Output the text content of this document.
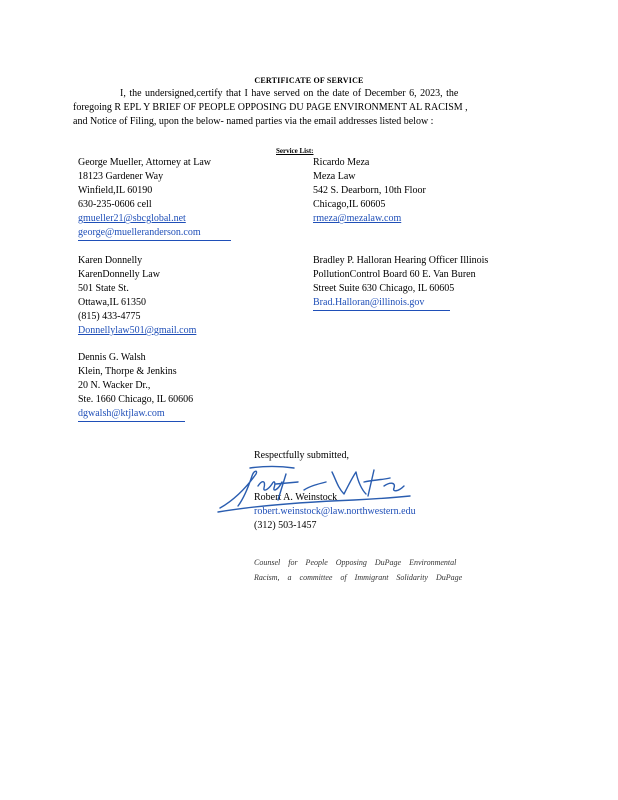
CERTIFICATE OF SERVICE
I, the undersigned,certify that I have served on the date of December 6, 2023, the
foregoing R EPL Y BRIEF OF PEOPLE OPPOSING DU PAGE ENVIRONMENT AL RACISM ,
and Notice of Filing, upon the below- named parties via the email addresses listed below :
Service List:
George Mueller, Attorney at Law
18123 Gardener Way
Winfield,IL 60190
630-235-0606 cell
gmueller21@sbcglobal.net
george@muelleranderson.com
Ricardo Meza
Meza Law
542 S. Dearborn, 10th Floor
Chicago,IL 60605
rmeza@mezalaw.com
Karen Donnelly
KarenDonnelly Law
501 State St.
Ottawa,IL 61350
(815) 433-4775
Donnellylaw501@gmail.com
Bradley P. Halloran Hearing Officer Illinois
PollutionControl Board 60 E. Van Buren
Street Suite 630 Chicago, IL 60605
Brad.Halloran@illinois.gov
Dennis G. Walsh
Klein, Thorpe & Jenkins
20 N. Wacker Dr.,
Ste. 1660 Chicago, IL 60606
dgwalsh@ktjlaw.com
Respectfully submitted,
Robert A. Weinstock
robert.weinstock@law.northwestern.edu
(312) 503-1457
Counsel for People Opposing DuPage Environmental
Racism, a committee of Immigrant Solidarity DuPage
